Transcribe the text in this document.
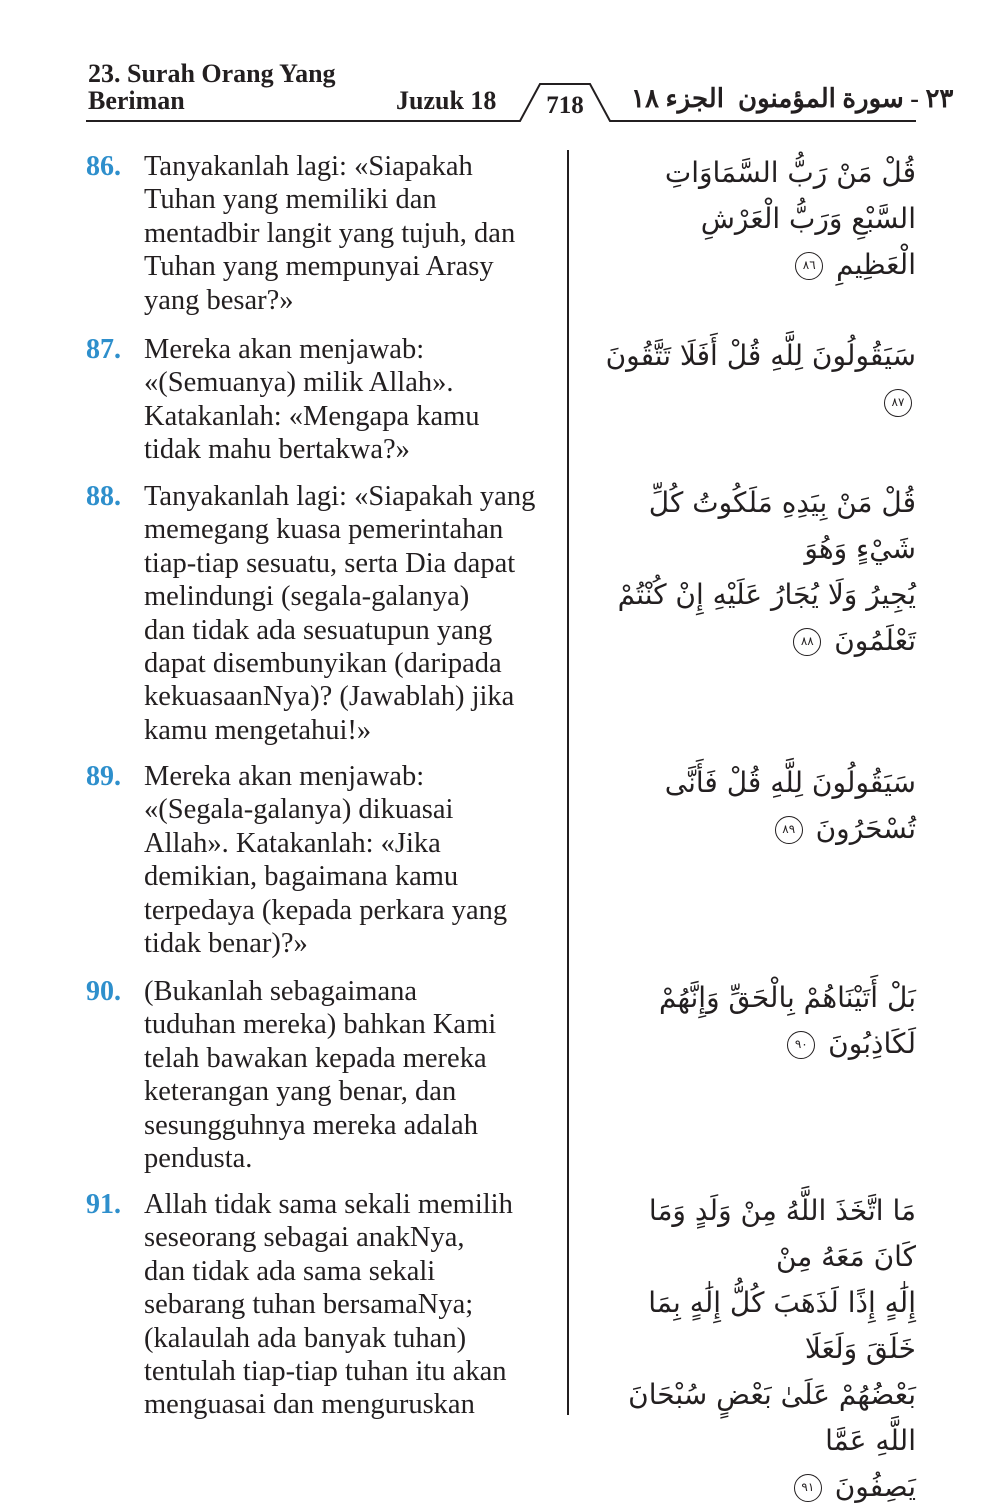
23. Surah Orang Yang
Beriman	Juzuk 18 718 الجزء ١٨ ٢٣ - سورة المؤمنون
86. Tanyakanlah lagi: «Siapakah
Tuhan yang memiliki dan
mentadbir langit yang tujuh, dan
Tuhan yang mempunyai Arasy
yang besar?»
قُلْ مَنْ رَبُّ السَّمَاوَاتِ السَّبْعِ وَرَبُّ الْعَرْشِ
الْعَظِيمِ ٨٦
87. Mereka akan menjawab:
«(Semuanya) milik Allah».
Katakanlah: «Mengapa kamu
tidak mahu bertakwa?»
سَيَقُولُونَ لِلَّهِ قُلْ أَفَلَا تَتَّقُونَ ٨٧
88. Tanyakanlah lagi: «Siapakah yang
memegang kuasa pemerintahan
tiap-tiap sesuatu, serta Dia dapat
melindungi (segala-galanya)
dan tidak ada sesuatupun yang
dapat disembunyikan (daripada
kekuasaanNya)? (Jawablah) jika
kamu mengetahui!»
قُلْ مَنْ بِيَدِهِ مَلَكُوتُ كُلِّ شَيْءٍ وَهُوَ
يُجِيرُ وَلَا يُجَارُ عَلَيْهِ إِنْ كُنْتُمْ تَعْلَمُونَ ٨٨
89. Mereka akan menjawab:
«(Segala-galanya) dikuasai
Allah». Katakanlah: «Jika
demikian, bagaimana kamu
terpedaya (kepada perkara yang
tidak benar)?»
سَيَقُولُونَ لِلَّهِ قُلْ فَأَنَّى تُسْحَرُونَ ٨٩
90. (Bukanlah sebagaimana
tuduhan mereka) bahkan Kami
telah bawakan kepada mereka
keterangan yang benar, dan
sesungguhnya mereka adalah
pendusta.
بَلْ أَتَيْنَاهُمْ بِالْحَقِّ وَإِنَّهُمْ لَكَاذِبُونَ ٩٠
91. Allah tidak sama sekali memilih
seseorang sebagai anakNya,
dan tidak ada sama sekali
sebarang tuhan bersamaNya;
(kalaulah ada banyak tuhan)
tentulah tiap-tiap tuhan itu akan
menguasai dan menguruskan
مَا اتَّخَذَ اللَّهُ مِنْ وَلَدٍ وَمَا كَانَ مَعَهُ مِنْ
إِلَٰهٍ إِذًا لَذَهَبَ كُلُّ إِلَٰهٍ بِمَا خَلَقَ وَلَعَلَا
بَعْضُهُمْ عَلَىٰ بَعْضٍ سُبْحَانَ اللَّهِ عَمَّا
يَصِفُونَ ٩١
